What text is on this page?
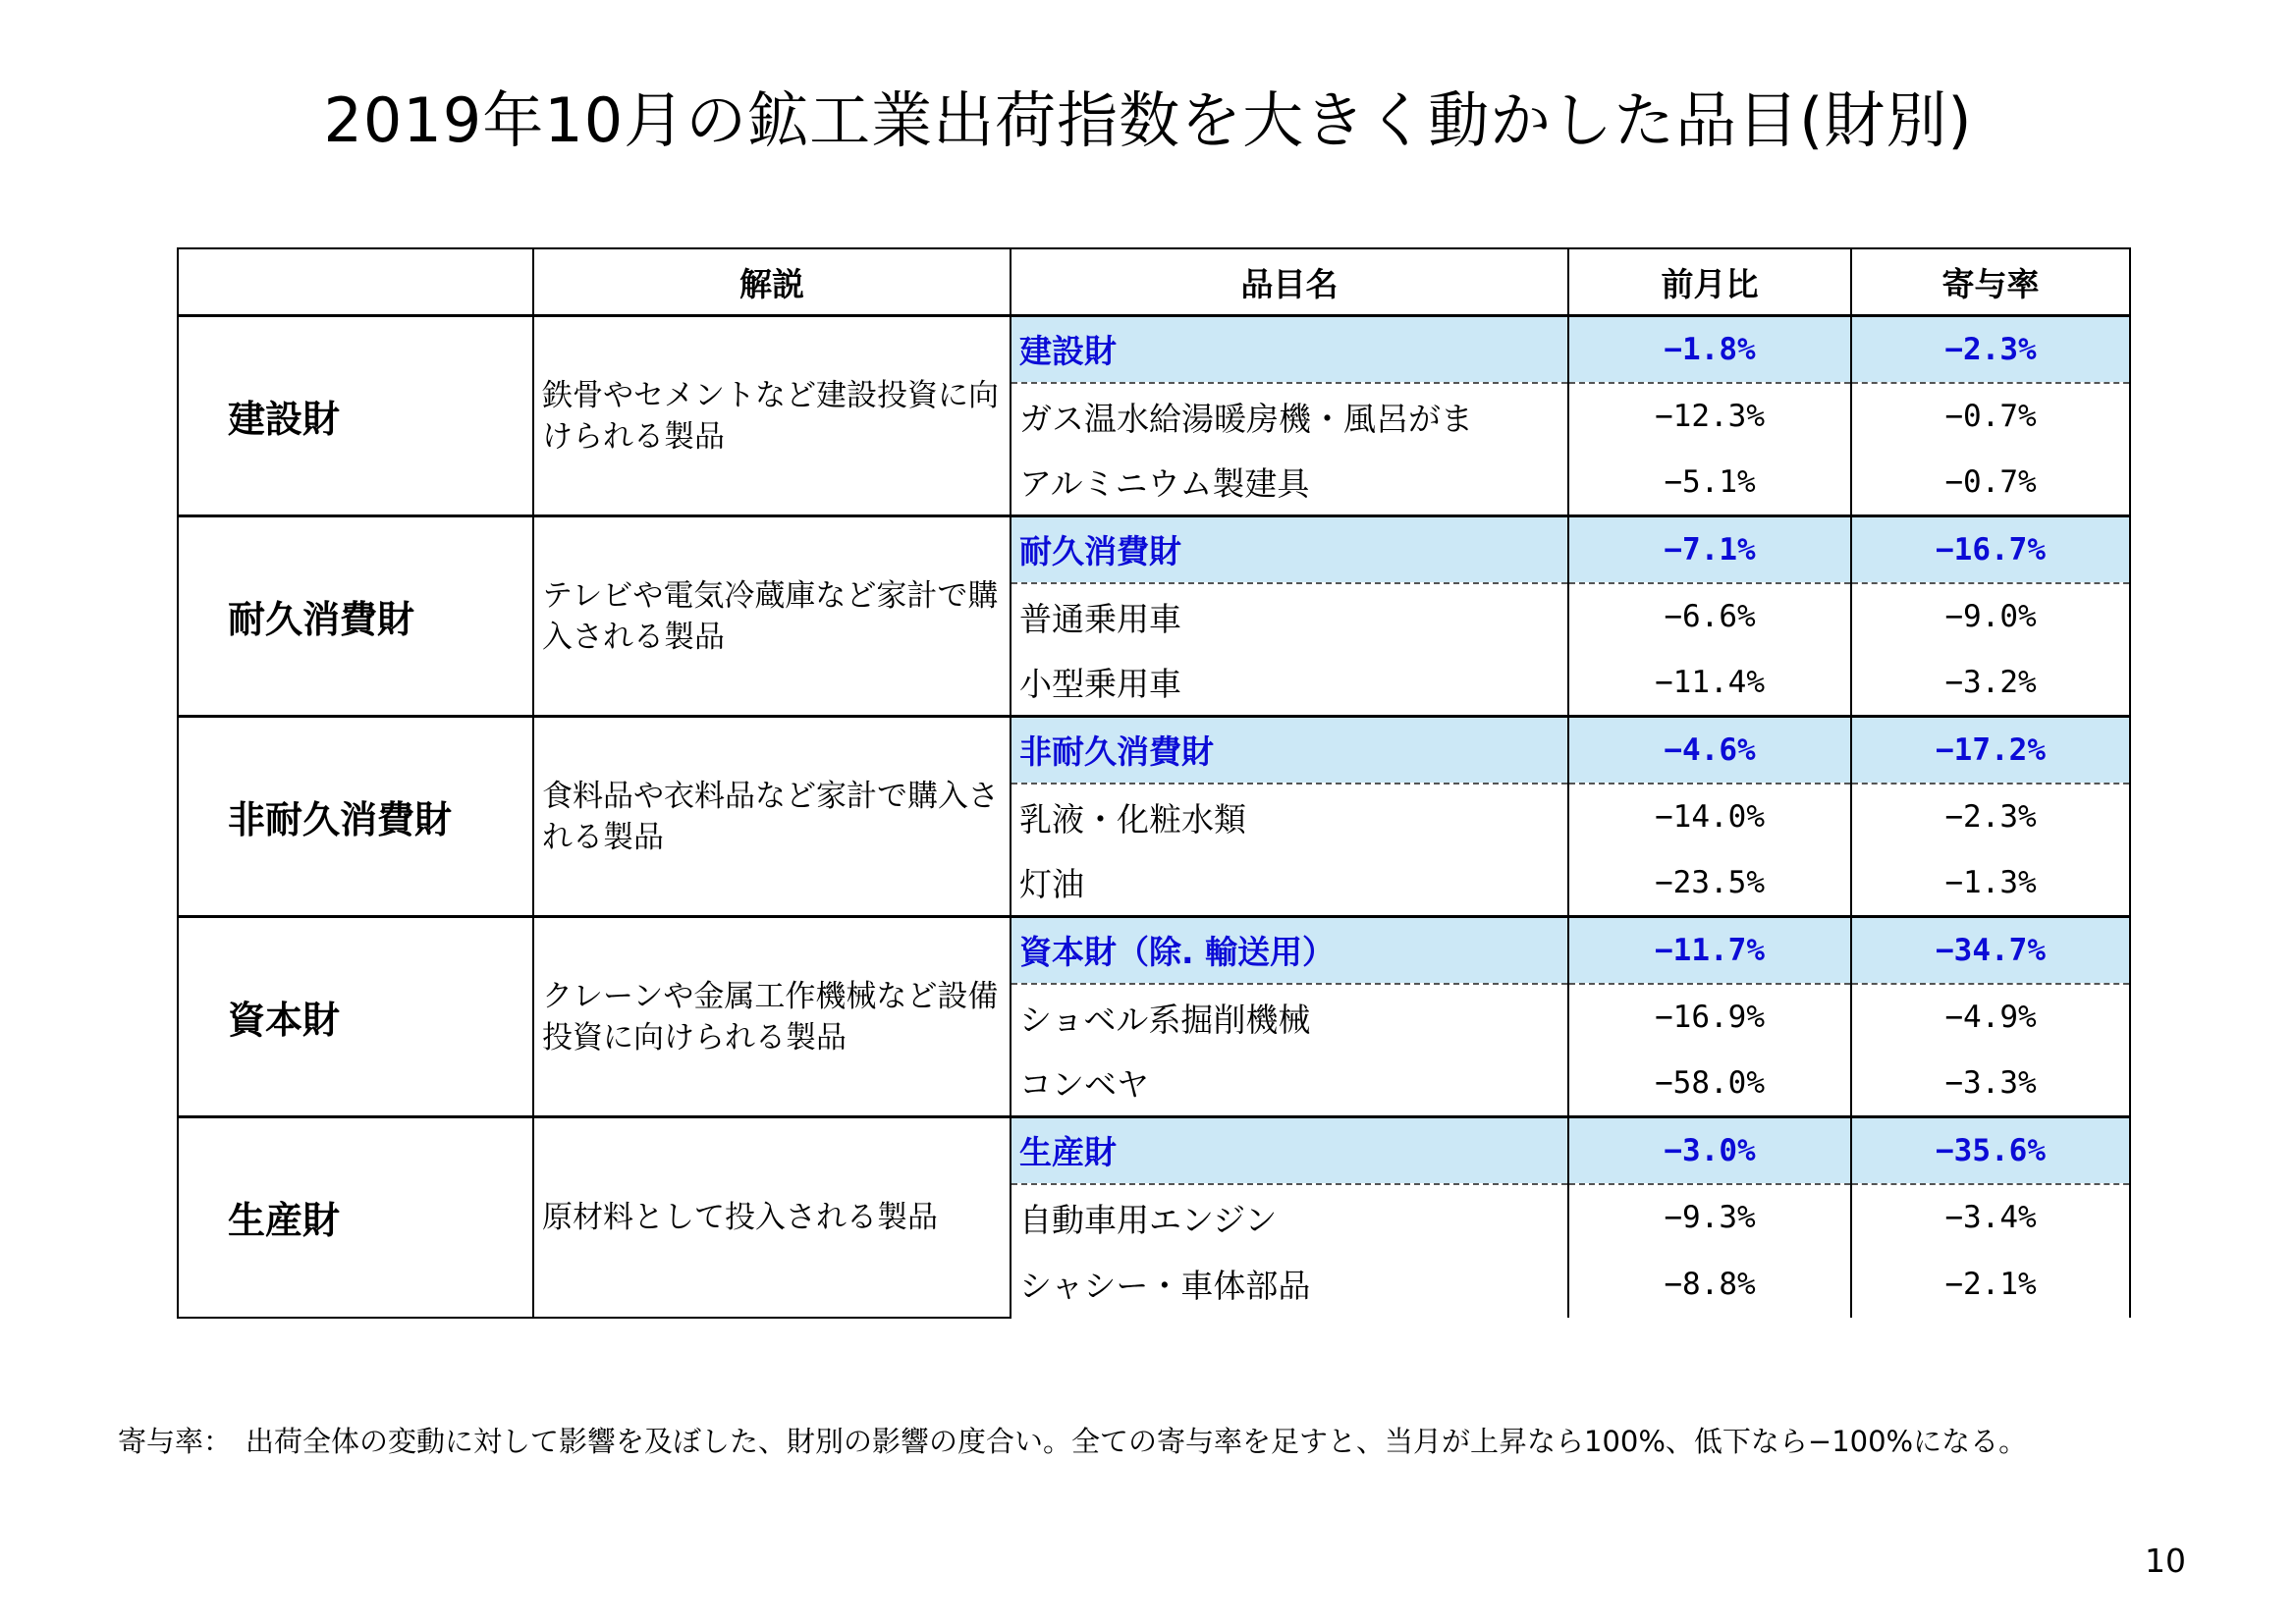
2019年10月の鉱工業出荷指数を大きく動かした品目(財別)
	解説	品目名	前月比	寄与率
建設財	鉄骨やセメントなど建設投資に向けられる製品	建設財	−1.8%	−2.3%
		ガス温水給湯暖房機・風呂がま	−12.3%	−0.7%
		アルミニウム製建具	−5.1%	−0.7%
耐久消費財	テレビや電気冷蔵庫など家計で購入される製品	耐久消費財	−7.1%	−16.7%
		普通乗用車	−6.6%	−9.0%
		小型乗用車	−11.4%	−3.2%
非耐久消費財	食料品や衣料品など家計で購入される製品	非耐久消費財	−4.6%	−17.2%
		乳液・化粧水類	−14.0%	−2.3%
		灯油	−23.5%	−1.3%
資本財	クレーンや金属工作機械など設備投資に向けられる製品	資本財（除. 輸送用）	−11.7%	−34.7%
		ショベル系掘削機械	−16.9%	−4.9%
		コンベヤ	−58.0%	−3.3%
生産財	原材料として投入される製品	生産財	−3.0%	−35.6%
		自動車用エンジン	−9.3%	−3.4%
		シャシー・車体部品	−8.8%	−2.1%
寄与率： 出荷全体の変動に対して影響を及ぼした、財別の影響の度合い。全ての寄与率を足すと、当月が上昇なら100%、低下なら−100%になる。
10
